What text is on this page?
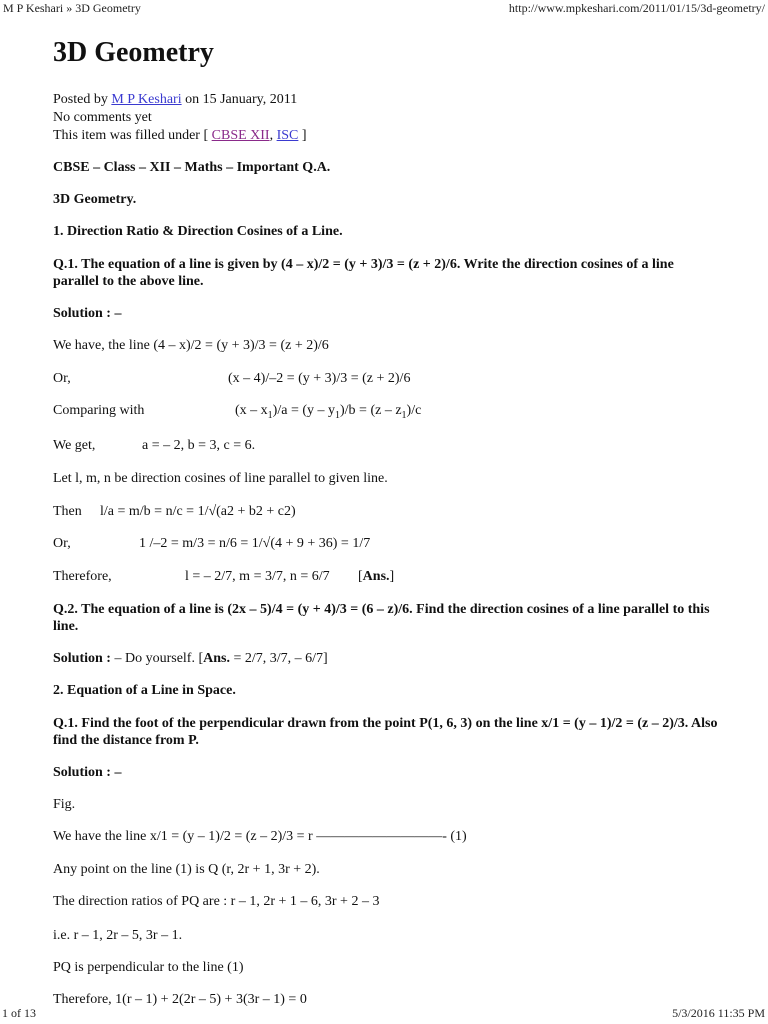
M P Keshari » 3D Geometry	http://www.mpkeshari.com/2011/01/15/3d-geometry/
3D Geometry
Posted by M P Keshari on 15 January, 2011
No comments yet
This item was filled under [ CBSE XII, ISC ]
CBSE – Class – XII – Maths – Important Q.A.
3D Geometry.
1. Direction Ratio & Direction Cosines of a Line.
Q.1. The equation of a line is given by (4 – x)/2 = (y + 3)/3 = (z + 2)/6. Write the direction cosines of a line parallel to the above line.
Solution : –
We have, the line (4 – x)/2 = (y + 3)/3 = (z + 2)/6
Or,	(x – 4)/–2 = (y + 3)/3 = (z + 2)/6
Comparing with	$(x - x_1)/a = (y - y_1)/b = (z - z_1)/c$
We get,	a = – 2, b = 3, c = 6.
Let l, m, n be direction cosines of line parallel to given line.
Then l/a = m/b = n/c = 1/√(a2 + b2 + c2)
Or,	1 /–2 = m/3 = n/6 = 1/√(4 + 9 + 36) = 1/7
Therefore,	l = – 2/7, m = 3/7, n = 6/7 [Ans.]
Q.2. The equation of a line is (2x – 5)/4 = (y + 4)/3 = (6 – z)/6. Find the direction cosines of a line parallel to this line.
Solution : – Do yourself. [Ans. = 2/7, 3/7, – 6/7]
2. Equation of a Line in Space.
Q.1. Find the foot of the perpendicular drawn from the point P(1, 6, 3) on the line x/1 = (y – 1)/2 = (z – 2)/3. Also find the distance from P.
Solution : –
Fig.
We have the line x/1 = (y – 1)/2 = (z – 2)/3 = r —————————- (1)
Any point on the line (1) is Q (r, 2r + 1, 3r + 2).
The direction ratios of PQ are : r – 1, 2r + 1 – 6, 3r + 2 – 3
i.e. r – 1, 2r – 5, 3r – 1.
PQ is perpendicular to the line (1)
Therefore, 1(r – 1) + 2(2r – 5) + 3(3r – 1) = 0
1 of 13	5/3/2016 11:35 PM
